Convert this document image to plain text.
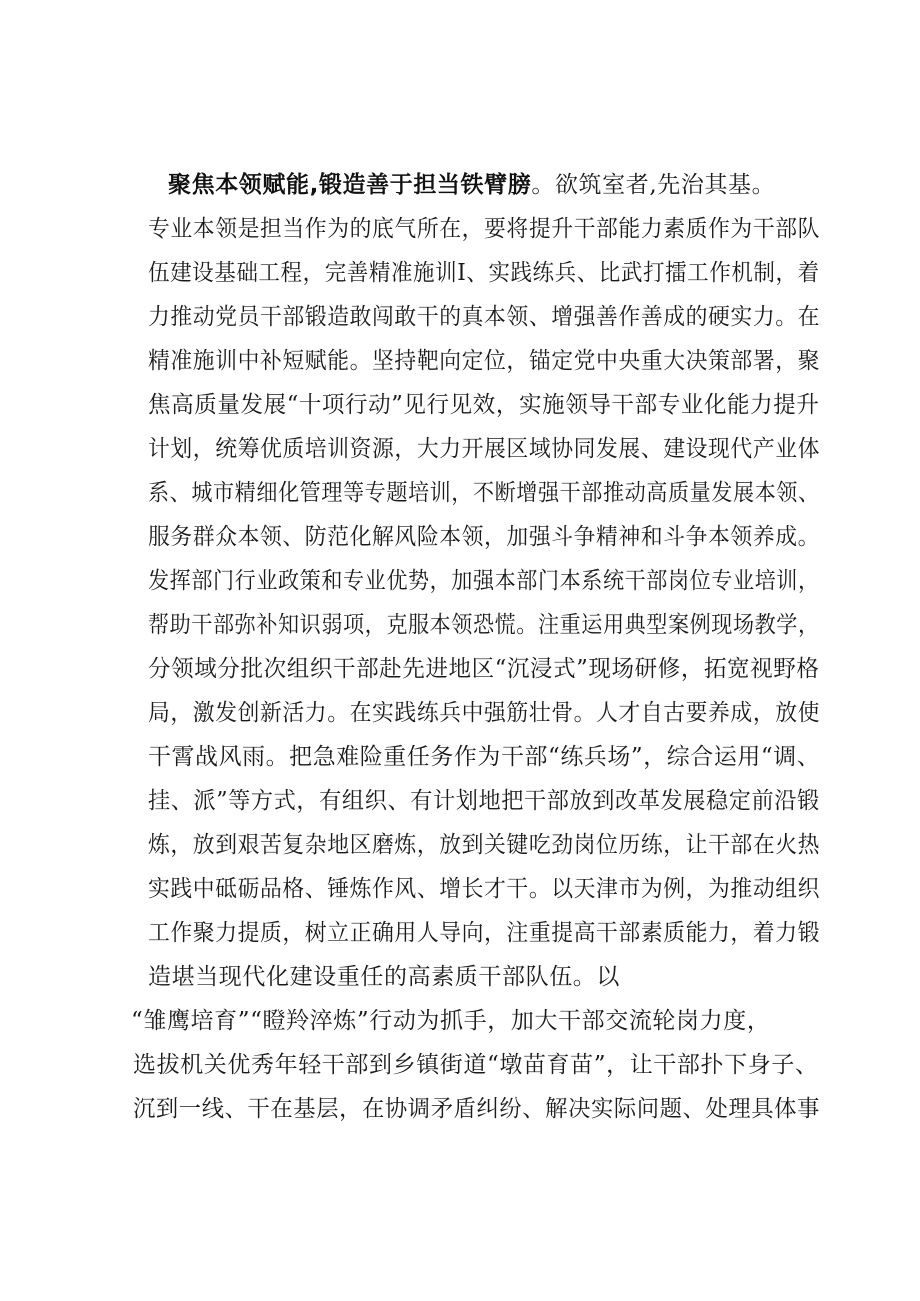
聚焦本领赋能,锻造善于担当铁臂膀。欲筑室者,先治其基。
专业本领是担当作为的底气所在，要将提升干部能力素质作为干部队
伍建设基础工程，完善精准施训I、实践练兵、比武打擂工作机制，着
力推动党员干部锻造敢闯敢干的真本领、增强善作善成的硬实力。在
精准施训中补短赋能。坚持靶向定位，锚定党中央重大决策部署，聚
焦高质量发展“十项行动”见行见效，实施领导干部专业化能力提升
计划，统筹优质培训资源，大力开展区域协同发展、建设现代产业体
系、城市精细化管理等专题培训，不断增强干部推动高质量发展本领、
服务群众本领、防范化解风险本领，加强斗争精神和斗争本领养成。
发挥部门行业政策和专业优势，加强本部门本系统干部岗位专业培训，
帮助干部弥补知识弱项，克服本领恐慌。注重运用典型案例现场教学，
分领域分批次组织干部赴先进地区“沉浸式”现场研修，拓宽视野格
局，激发创新活力。在实践练兵中强筋壮骨。人才自古要养成，放使
干霄战风雨。把急难险重任务作为干部“练兵场”，综合运用“调、
挂、派”等方式，有组织、有计划地把干部放到改革发展稳定前沿锻
炼，放到艰苦复杂地区磨炼，放到关键吃劲岗位历练，让干部在火热
实践中砥砺品格、锤炼作风、增长才干。以天津市为例，为推动组织
工作聚力提质，树立正确用人导向，注重提高干部素质能力，着力锻
造堪当现代化建设重任的高素质干部队伍。以
“雏鹰培育”“瞪羚淬炼”行动为抓手，加大干部交流轮岗力度，
选拔机关优秀年轻干部到乡镇街道“墩苗育苗”，让干部扑下身子、
沉到一线、干在基层，在协调矛盾纠纷、解决实际问题、处理具体事
